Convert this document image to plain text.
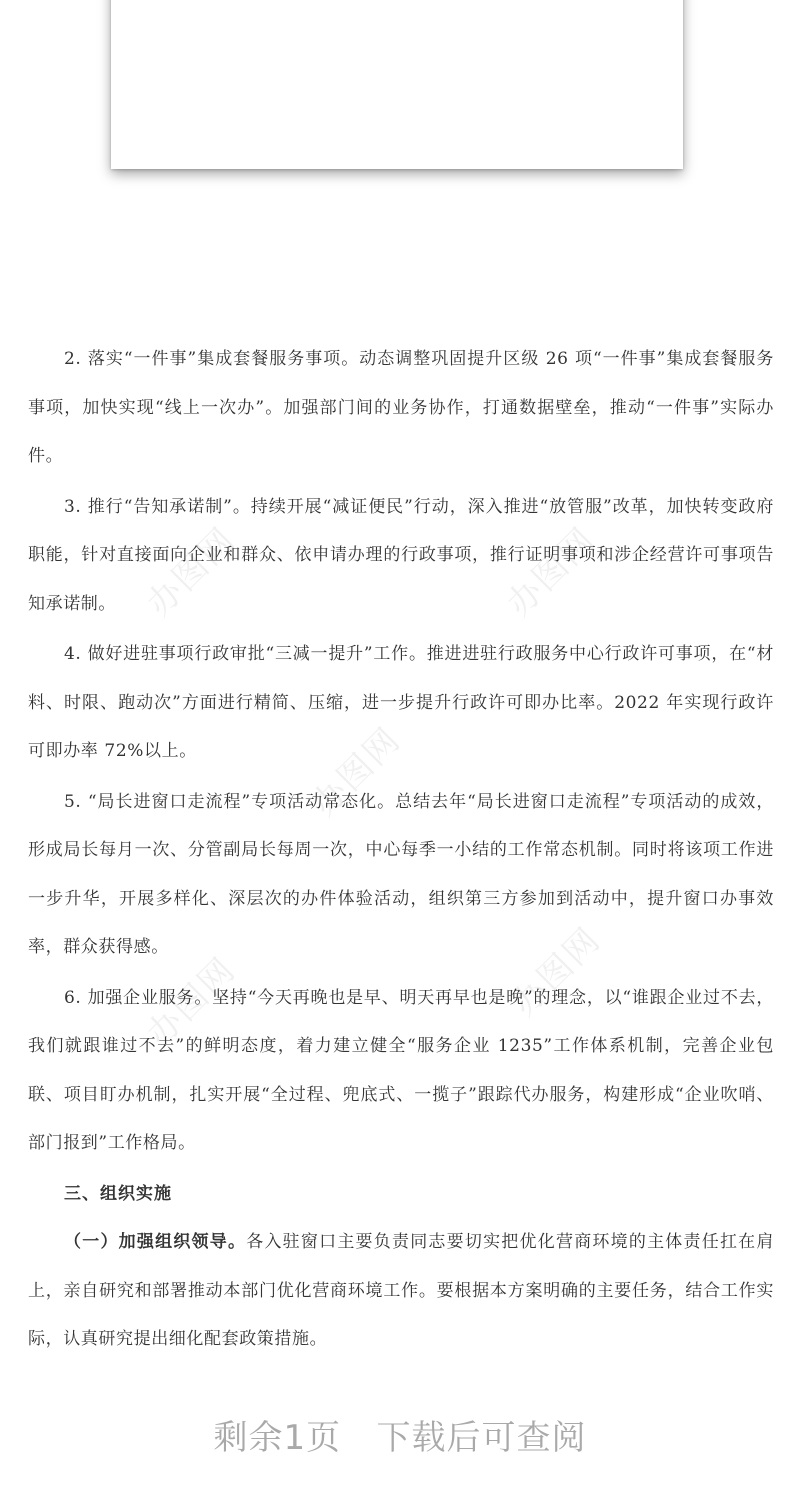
办图网	办图网
办图网
办图网
办图网

2. 落实“一件事”集成套餐服务事项。动态调整巩固提升区级 26 项“一件事”集成套餐服务事项，加快实现“线上一次办”。加强部门间的业务协作，打通数据壁垒，推动“一件事”实际办件。

3. 推行“告知承诺制”。持续开展“减证便民”行动，深入推进“放管服”改革，加快转变政府职能，针对直接面向企业和群众、依申请办理的行政事项，推行证明事项和涉企经营许可事项告知承诺制。

4. 做好进驻事项行政审批“三减一提升”工作。推进进驻行政服务中心行政许可事项，在“材料、时限、跑动次”方面进行精简、压缩，进一步提升行政许可即办比率。2022 年实现行政许可即办率 72%以上。

5. “局长进窗口走流程”专项活动常态化。总结去年“局长进窗口走流程”专项活动的成效，形成局长每月一次、分管副局长每周一次，中心每季一小结的工作常态机制。同时将该项工作进一步升华，开展多样化、深层次的办件体验活动，组织第三方参加到活动中，提升窗口办事效率，群众获得感。

6. 加强企业服务。坚持“今天再晚也是早、明天再早也是晚”的理念，以“谁跟企业过不去，我们就跟谁过不去”的鲜明态度，着力建立健全“服务企业 1235”工作体系机制，完善企业包联、项目盯办机制，扎实开展“全过程、兜底式、一揽子”跟踪代办服务，构建形成“企业吹哨、部门报到”工作格局。

三、组织实施

（一）加强组织领导。各入驻窗口主要负责同志要切实把优化营商环境的主体责任扛在肩上，亲自研究和部署推动本部门优化营商环境工作。要根据本方案明确的主要任务，结合工作实际，认真研究提出细化配套政策措施。

剩余1页 下载后可查阅
